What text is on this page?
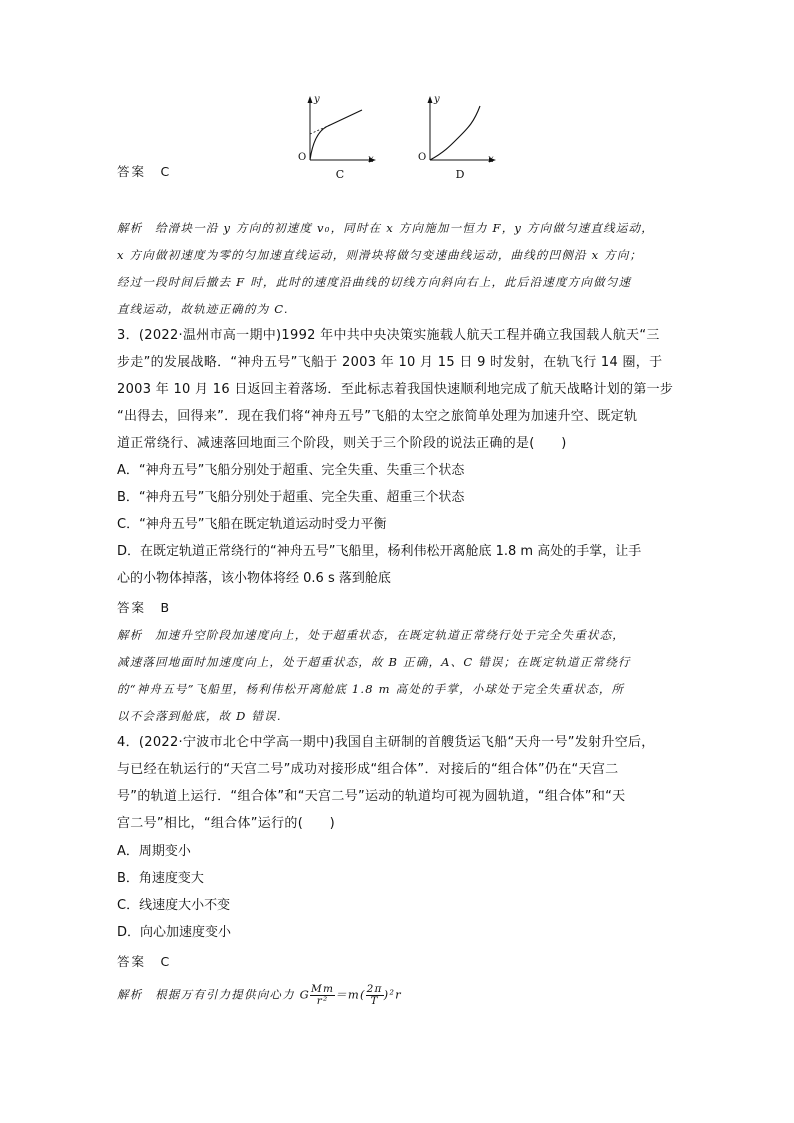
y
x
O
C
y
x
O
D
答案　C
解析　给滑块一沿 y 方向的初速度 v₀，同时在 x 方向施加一恒力 F，y 方向做匀速直线运动，
x 方向做初速度为零的匀加速直线运动，则滑块将做匀变速曲线运动，曲线的凹侧沿 x 方向；
经过一段时间后撤去 F 时，此时的速度沿曲线的切线方向斜向右上，此后沿速度方向做匀速
直线运动，故轨迹正确的为 C.
3．(2022·温州市高一期中)1992 年中共中央决策实施载人航天工程并确立我国载人航天“三
步走”的发展战略．“神舟五号”飞船于 2003 年 10 月 15 日 9 时发射，在轨飞行 14 圈，于
2003 年 10 月 16 日返回主着落场．至此标志着我国快速顺利地完成了航天战略计划的第一步
“出得去，回得来”．现在我们将“神舟五号”飞船的太空之旅简单处理为加速升空、既定轨
道正常绕行、减速落回地面三个阶段，则关于三个阶段的说法正确的是(　　)
A．“神舟五号”飞船分别处于超重、完全失重、失重三个状态
B．“神舟五号”飞船分别处于超重、完全失重、超重三个状态
C．“神舟五号”飞船在既定轨道运动时受力平衡
D．在既定轨道正常绕行的“神舟五号”飞船里，杨利伟松开离舱底 1.8 m 高处的手掌，让手
心的小物体掉落，该小物体将经 0.6 s 落到舱底
答案　B
解析　加速升空阶段加速度向上，处于超重状态，在既定轨道正常绕行处于完全失重状态，
减速落回地面时加速度向上，处于超重状态，故 B 正确，A、C 错误；在既定轨道正常绕行
的“神舟五号”飞船里，杨利伟松开离舱底 1.8 m 高处的手掌，小球处于完全失重状态，所
以不会落到舱底，故 D 错误.
4．(2022·宁波市北仑中学高一期中)我国自主研制的首艘货运飞船“天舟一号”发射升空后，
与已经在轨运行的“天宫二号”成功对接形成“组合体”．对接后的“组合体”仍在“天宫二
号”的轨道上运行．“组合体”和“天宫二号”运动的轨道均可视为圆轨道，“组合体”和“天
宫二号”相比，“组合体”运行的(　　)
A．周期变小
B．角速度变大
C．线速度大小不变
D．向心加速度变小
答案　C
解析　根据万有引力提供向心力 G $\frac{Mm}{\text{r²}} =m( \frac{2\pi}{T} )^2r$
